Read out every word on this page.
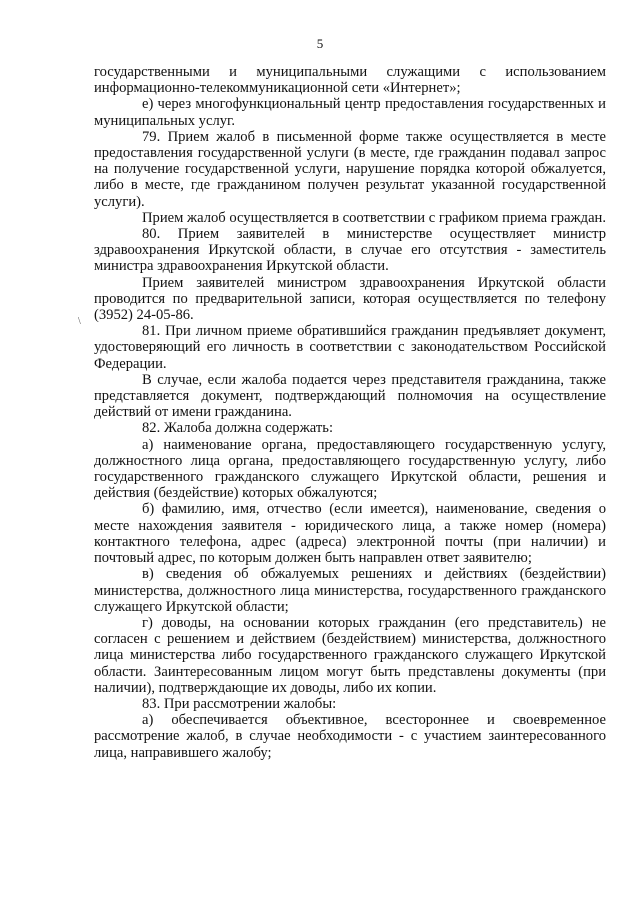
5
\

государственными и муниципальными служащими с использованием информационно-телекоммуникационной сети «Интернет»;

е) через многофункциональный центр предоставления государственных и муниципальных услуг.

79. Прием жалоб в письменной форме также осуществляется в месте предоставления государственной услуги (в месте, где гражданин подавал запрос на получение государственной услуги, нарушение порядка которой обжалуется, либо в месте, где гражданином получен результат указанной государственной услуги).

Прием жалоб осуществляется в соответствии с графиком приема граждан.

80. Прием заявителей в министерстве осуществляет министр здравоохранения Иркутской области, в случае его отсутствия - заместитель министра здравоохранения Иркутской области.

Прием заявителей министром здравоохранения Иркутской области проводится по предварительной записи, которая осуществляется по телефону (3952) 24-05-86.

81. При личном приеме обратившийся гражданин предъявляет документ, удостоверяющий его личность в соответствии с законодательством Российской Федерации.

В случае, если жалоба подается через представителя гражданина, также представляется документ, подтверждающий полномочия на осуществление действий от имени гражданина.

82. Жалоба должна содержать:

а) наименование органа, предоставляющего государственную услугу, должностного лица органа, предоставляющего государственную услугу, либо государственного гражданского служащего Иркутской области, решения и действия (бездействие) которых обжалуются;

б) фамилию, имя, отчество (если имеется), наименование, сведения о месте нахождения заявителя - юридического лица, а также номер (номера) контактного телефона, адрес (адреса) электронной почты (при наличии) и почтовый адрес, по которым должен быть направлен ответ заявителю;

в) сведения об обжалуемых решениях и действиях (бездействии) министерства, должностного лица министерства, государственного гражданского служащего Иркутской области;

г) доводы, на основании которых гражданин (его представитель) не согласен с решением и действием (бездействием) министерства, должностного лица министерства либо государственного гражданского служащего Иркутской области. Заинтересованным лицом могут быть представлены документы (при наличии), подтверждающие их доводы, либо их копии.

83. При рассмотрении жалобы:

а) обеспечивается объективное, всестороннее и своевременное рассмотрение жалоб, в случае необходимости - с участием заинтересованного лица, направившего жалобу;
